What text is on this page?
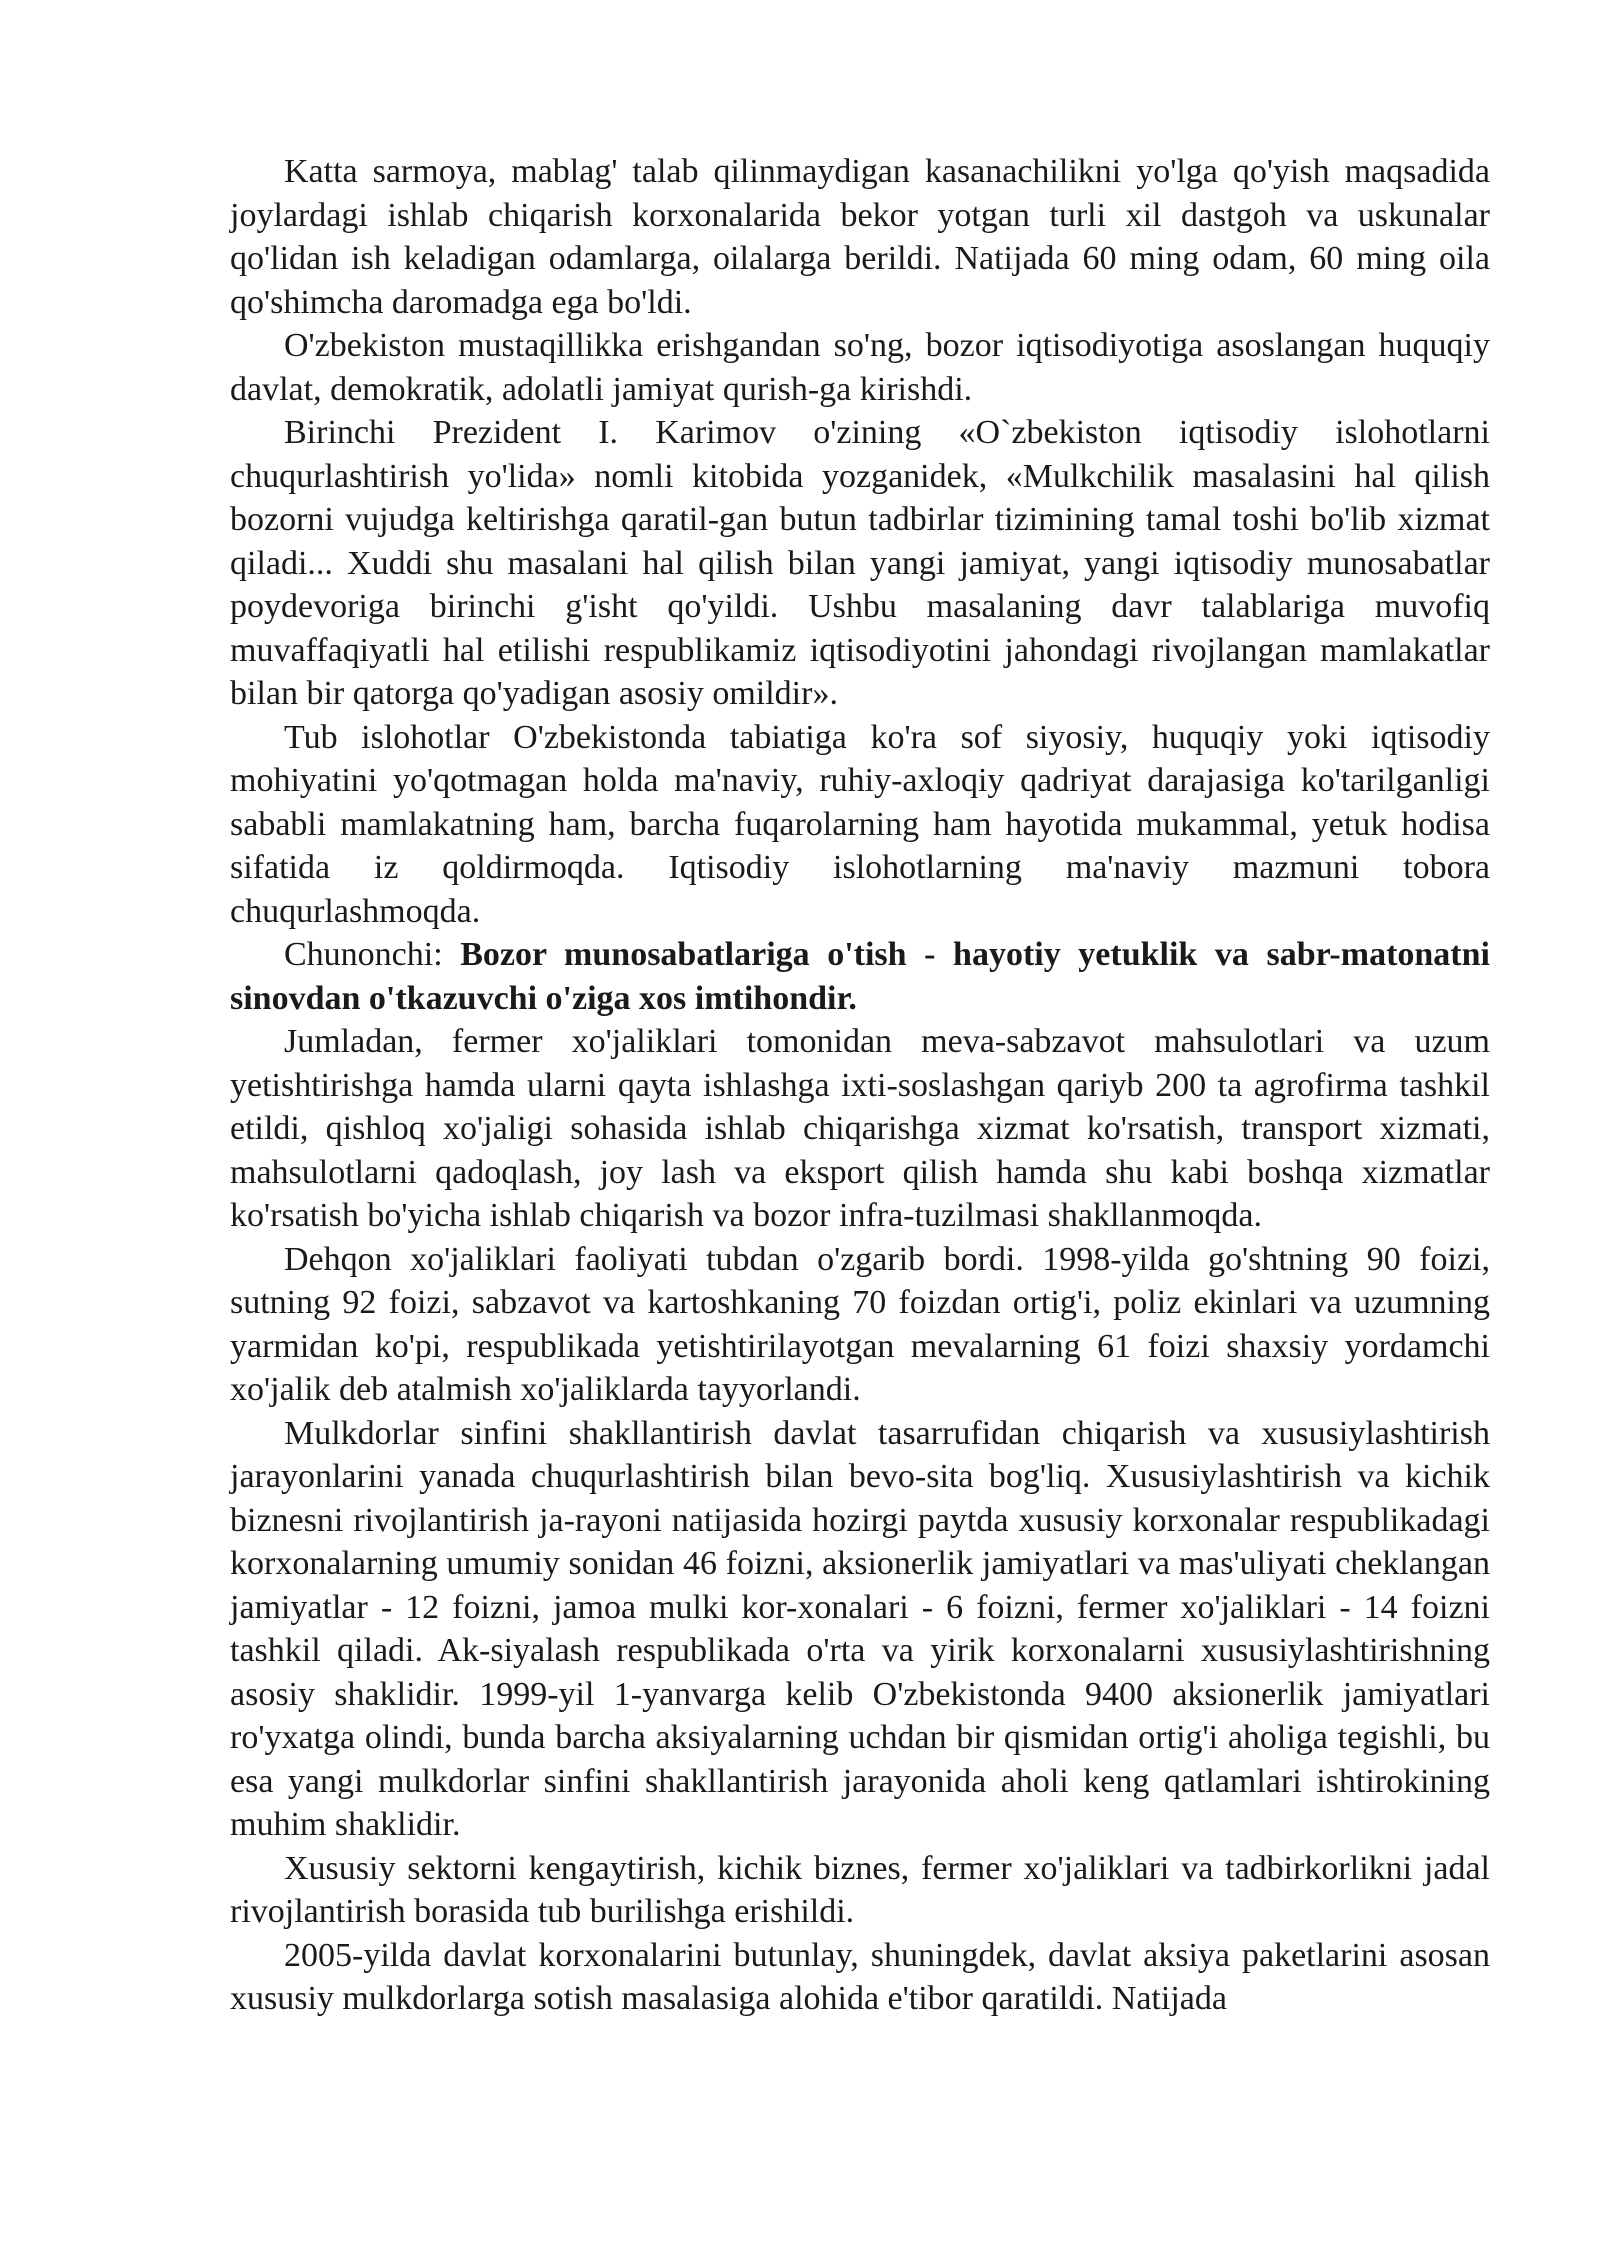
Katta sarmoya, mablag' talab qilinmaydigan kasanachilikni yo'lga qo'yish maqsadida joylardagi ishlab chiqarish korxonalarida bekor yotgan turli xil dastgoh va uskunalar qo'lidan ish keladigan odamlarga, oilalarga berildi. Natijada 60 ming odam, 60 ming oila qo'shimcha daromadga ega bo'ldi.

O'zbekiston mustaqillikka erishgandan so'ng, bozor iqtisodiyotiga asoslangan huquqiy davlat, demokratik, adolatli jamiyat qurish-ga kirishdi.

Birinchi Prezident I. Karimov o'zining «O`zbekiston iqtisodiy islohotlarni chuqurlashtirish yo'lida» nomli kitobida yozganidek, «Mulkchilik masalasini hal qilish bozorni vujudga keltirishga qaratil-gan butun tadbirlar tizimining tamal toshi bo'lib xizmat qiladi... Xuddi shu masalani hal qilish bilan yangi jamiyat, yangi iqtisodiy munosabatlar poydevoriga birinchi g'isht qo'yildi. Ushbu masalaning davr talablariga muvofiq muvaffaqiyatli hal etilishi respublikamiz iqtisodiyotini jahondagi rivojlangan mamlakatlar bilan bir qatorga qo'yadigan asosiy omildir».

Tub islohotlar O'zbekistonda tabiatiga ko'ra sof siyosiy, huquqiy yoki iqtisodiy mohiyatini yo'qotmagan holda ma'naviy, ruhiy-axloqiy qadriyat darajasiga ko'tarilganligi sababli mamlakatning ham, barcha fuqarolarning ham hayotida mukammal, yetuk hodisa sifatida iz qoldirmoqda. Iqtisodiy islohotlarning ma'naviy mazmuni tobora chuqurlashmoqda.

Chunonchi: Bozor munosabatlariga o'tish - hayotiy yetuklik va sabr-matonatni sinovdan o'tkazuvchi o'ziga xos imtihondir.

Jumladan, fermer xo'jaliklari tomonidan meva-sabzavot mahsulotlari va uzum yetishtirishga hamda ularni qayta ishlashga ixti-soslashgan qariyb 200 ta agrofirma tashkil etildi, qishloq xo'jaligi sohasida ishlab chiqarishga xizmat ko'rsatish, transport xizmati, mahsulotlarni qadoqlash, joy lash va eksport qilish hamda shu kabi boshqa xizmatlar ko'rsatish bo'yicha ishlab chiqarish va bozor infra-tuzilmasi shakllanmoqda.

Dehqon xo'jaliklari faoliyati tubdan o'zgarib bordi. 1998-yilda go'shtning 90 foizi, sutning 92 foizi, sabzavot va kartoshkaning 70 foizdan ortig'i, poliz ekinlari va uzumning yarmidan ko'pi, respublikada yetishtirilayotgan mevalarning 61 foizi shaxsiy yordamchi xo'jalik deb atalmish xo'jaliklarda tayyorlandi.

Mulkdorlar sinfini shakllantirish davlat tasarrufidan chiqarish va xususiylashtirish jarayonlarini yanada chuqurlashtirish bilan bevo-sita bog'liq. Xususiylashtirish va kichik biznesni rivojlantirish ja-rayoni natijasida hozirgi paytda xususiy korxonalar respublikadagi korxonalarning umumiy sonidan 46 foizni, aksionerlik jamiyatlari va mas'uliyati cheklangan jamiyatlar - 12 foizni, jamoa mulki kor-xonalari - 6 foizni, fermer xo'jaliklari - 14 foizni tashkil qiladi. Ak-siyalash respublikada o'rta va yirik korxonalarni xususiylashtirishning asosiy shaklidir. 1999-yil 1-yanvarga kelib O'zbekistonda 9400 aksionerlik jamiyatlari ro'yxatga olindi, bunda barcha aksiyalarning uchdan bir qismidan ortig'i aholiga tegishli, bu esa yangi mulkdorlar sinfini shakllantirish jarayonida aholi keng qatlamlari ishtirokining muhim shaklidir.

Xususiy sektorni kengaytirish, kichik biznes, fermer xo'jaliklari va tadbirkorlikni jadal rivojlantirish borasida tub burilishga erishildi.

2005-yilda davlat korxonalarini butunlay, shuningdek, davlat aksiya paketlarini asosan xususiy mulkdorlarga sotish masalasiga alohida e'tibor qaratildi. Natijada
